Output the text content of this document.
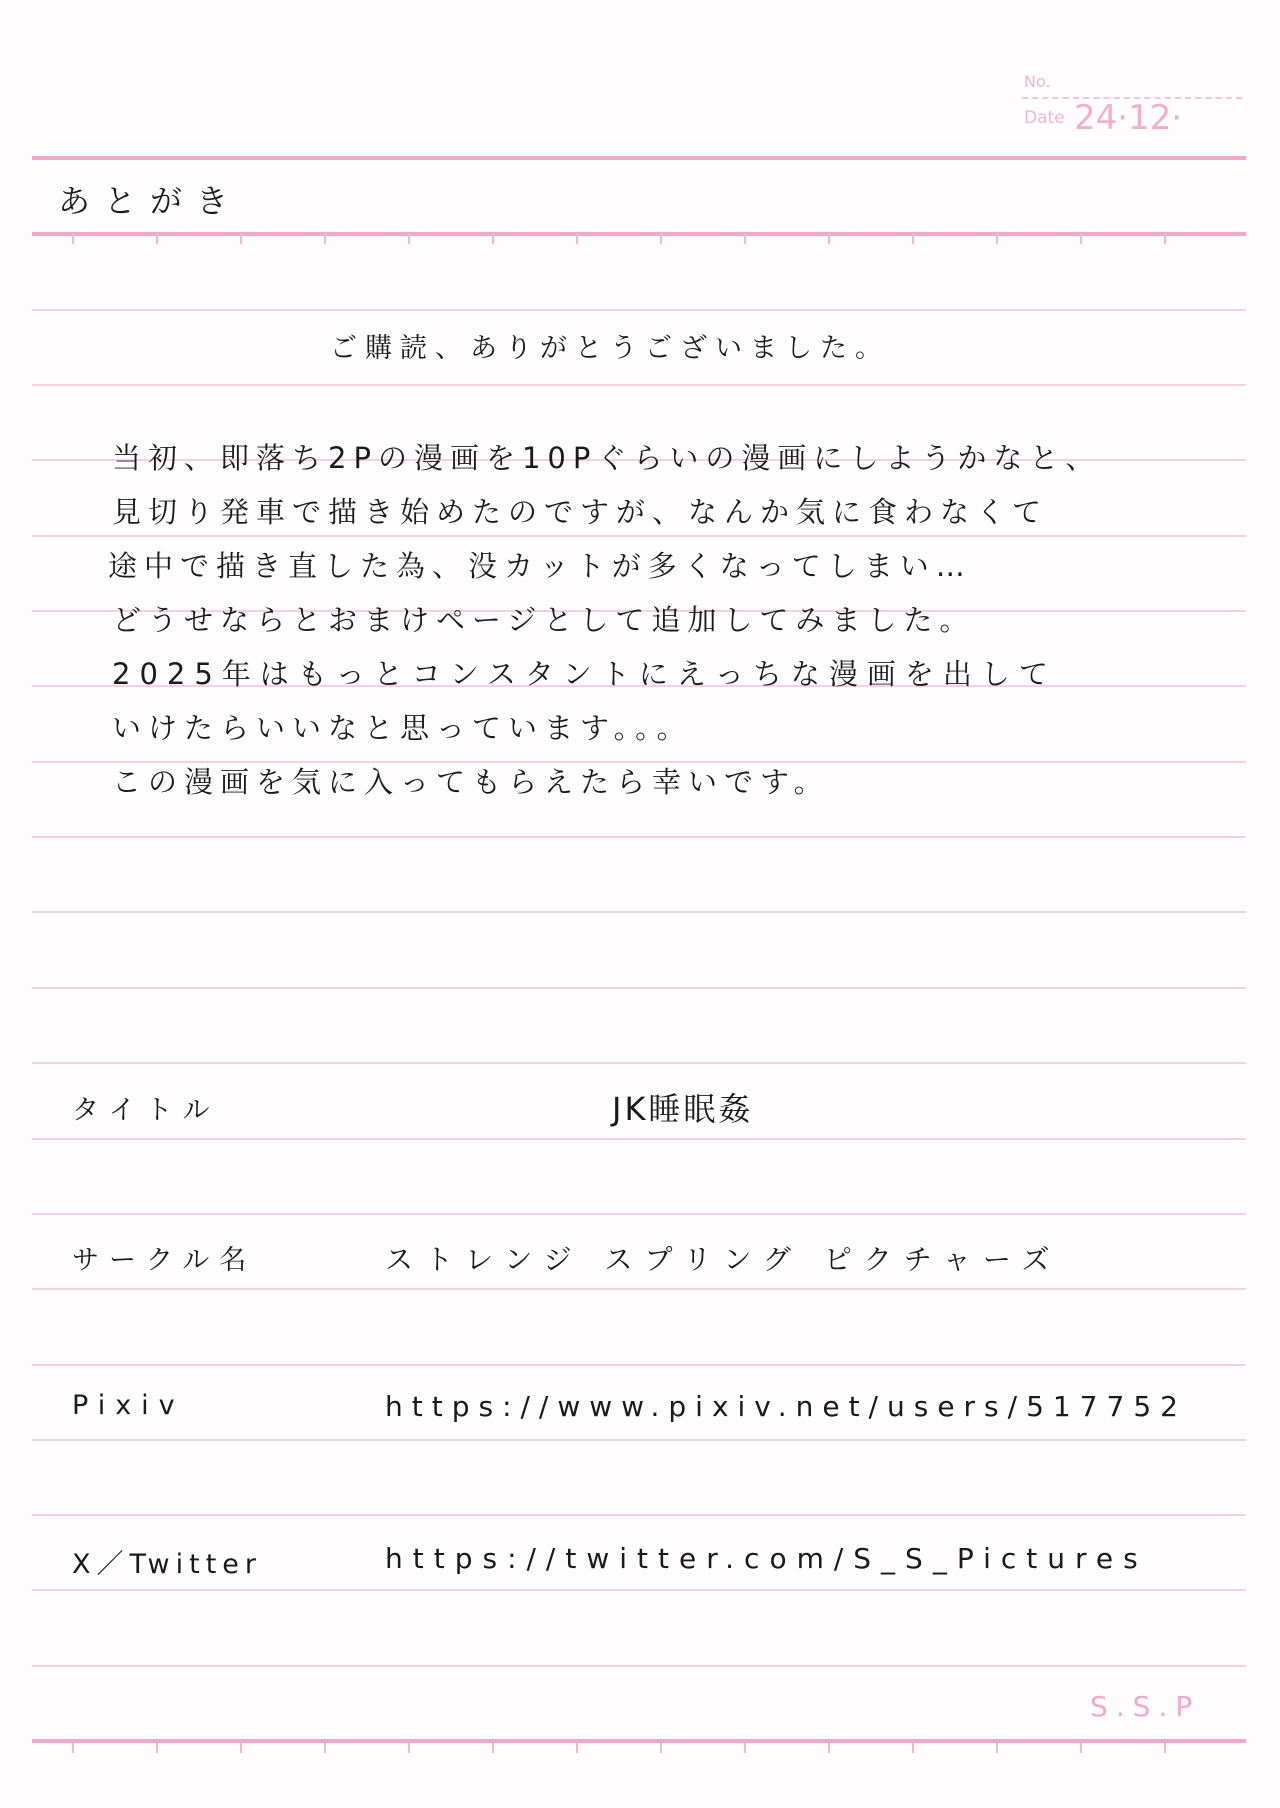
No.
Date 24·12·
あとがき
ご購読、ありがとうございました。
当初、即落ち2Pの漫画を10Pぐらいの漫画にしようかなと、
見切り発車で描き始めたのですが、なんか気に食わなくて
途中で描き直した為、没カットが多くなってしまい…
どうせならとおまけページとして追加してみました。
2025年はもっとコンスタントにえっちな漫画を出して
いけたらいいなと思っています。。。
この漫画を気に入ってもらえたら幸いです。
タイトル	JK睡眠姦
サークル名	ストレンジ スプリング ピクチャーズ
Pixiv	https://www.pixiv.net/users/517752
X／Twitter	https://twitter.com/S_S_Pictures
S.S.P
